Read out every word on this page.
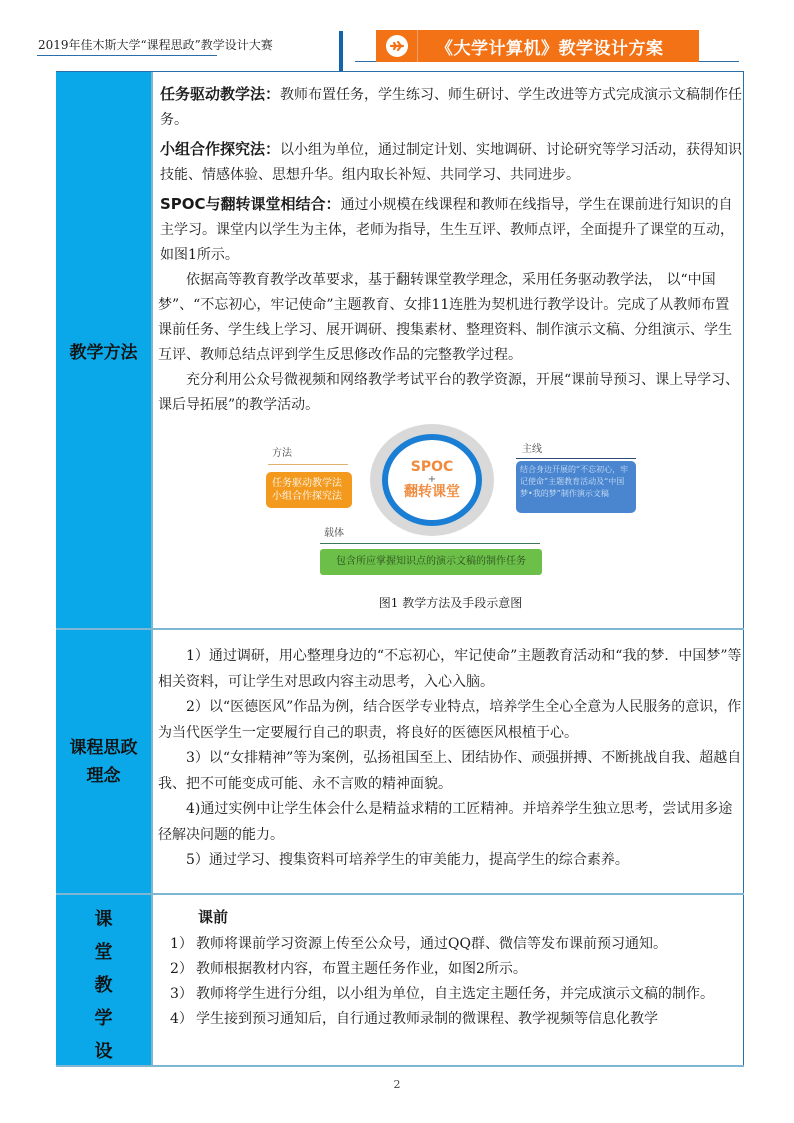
2019年佳木斯大学“课程思政”教学设计大赛	《大学计算机》教学设计方案
教学方法

任务驱动教学法：教师布置任务，学生练习、师生研讨、学生改进等方式完成演示文稿制作任务。

小组合作探究法：以小组为单位，通过制定计划、实地调研、讨论研究等学习活动，获得知识技能、情感体验、思想升华。组内取长补短、共同学习、共同进步。

SPOC与翻转课堂相结合：通过小规模在线课程和教师在线指导，学生在课前进行知识的自主学习。课堂内以学生为主体，老师为指导，生生互评、教师点评，全面提升了课堂的互动，如图1所示。

依据高等教育教学改革要求，基于翻转课堂教学理念，采用任务驱动教学法， 以“中国梦”、“不忘初心，牢记使命”主题教育、女排11连胜为契机进行教学设计。完成了从教师布置课前任务、学生线上学习、展开调研、搜集素材、整理资料、制作演示文稿、分组演示、学生互评、教师总结点评到学生反思修改作品的完整教学过程。

充分利用公众号微视频和网络教学考试平台的教学资源，开展“课前导预习、课上导学习、课后导拓展”的教学活动。

方法
任务驱动教学法
小组合作探究法
SPOC
+
翻转课堂
主线
结合身边开展的“不忘初心，牢记使命”主题教育活动及“中国梦•我的梦”制作演示文稿
载体
包含所应掌握知识点的演示文稿的制作任务
图1 教学方法及手段示意图
课程思政
理念

1）通过调研，用心整理身边的“不忘初心，牢记使命”主题教育活动和“我的梦．中国梦”等相关资料，可让学生对思政内容主动思考，入心入脑。

2）以“医德医风”作品为例，结合医学专业特点，培养学生全心全意为人民服务的意识，作为当代医学生一定要履行自己的职责，将良好的医德医风根植于心。

3）以“女排精神”等为案例，弘扬祖国至上、团结协作、顽强拼搏、不断挑战自我、超越自我、把不可能变成可能、永不言败的精神面貌。

4)通过实例中让学生体会什么是精益求精的工匠精神。并培养学生独立思考，尝试用多途径解决问题的能力。

5）通过学习、搜集资料可培养学生的审美能力，提高学生的综合素养。

课
堂
教
学
设

课前

1） 教师将课前学习资源上传至公众号，通过QQ群、微信等发布课前预习通知。
2） 教师根据教材内容，布置主题任务作业，如图2所示。
3） 教师将学生进行分组，以小组为单位，自主选定主题任务，并完成演示文稿的制作。
4） 学生接到预习通知后，自行通过教师录制的微课程、教学视频等信息化教学
2
